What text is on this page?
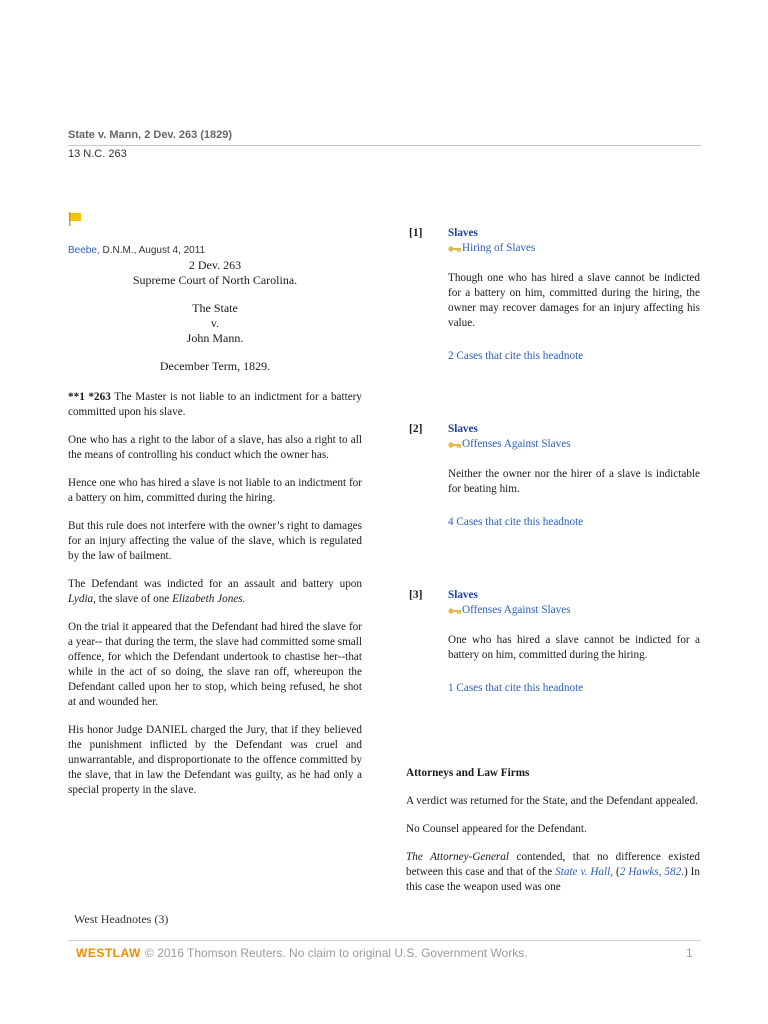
State v. Mann, 2 Dev. 263 (1829)
13 N.C. 263

Beebe, D.N.M., August 4, 2011

2 Dev. 263

Supreme Court of North Carolina.

The State

v.

John Mann.

December Term, 1829.

**1 *263 The Master is not liable to an indictment for a battery committed upon his slave.

One who has a right to the labor of a slave, has also a right to all the means of controlling his conduct which the owner has.

Hence one who has hired a slave is not liable to an indictment for a battery on him, committed during the hiring.

But this rule does not interfere with the owner’s right to damages for an injury affecting the value of the slave, which is regulated by the law of bailment.

The Defendant was indicted for an assault and battery upon Lydia, the slave of one Elizabeth Jones.

On the trial it appeared that the Defendant had hired the slave for a year-- that during the term, the slave had committed some small offence, for which the Defendant undertook to chastise her--that while in the act of so doing, the slave ran off, whereupon the Defendant called upon her to stop, which being refused, he shot at and wounded her.

His honor Judge DANIEL charged the Jury, that if they believed the punishment inflicted by the Defendant was cruel and unwarrantable, and disproportionate to the offence committed by the slave, that in law the Defendant was guilty, as he had only a special property in the slave.

West Headnotes (3)
[1] Slaves
Hiring of Slaves

Though one who has hired a slave cannot be indicted for a battery on him, committed during the hiring, the owner may recover damages for an injury affecting his value.

2 Cases that cite this headnote
[2] Slaves
Offenses Against Slaves

Neither the owner nor the hirer of a slave is indictable for beating him.

4 Cases that cite this headnote
[3] Slaves
Offenses Against Slaves

One who has hired a slave cannot be indicted for a battery on him, committed during the hiring.

1 Cases that cite this headnote

Attorneys and Law Firms

A verdict was returned for the State, and the Defendant appealed.

No Counsel appeared for the Defendant.

The Attorney-General contended, that no difference existed between this case and that of the State v. Hall, (2 Hawks, 582.) In this case the weapon used was one

WESTLAW © 2016 Thomson Reuters. No claim to original U.S. Government Works.	1
